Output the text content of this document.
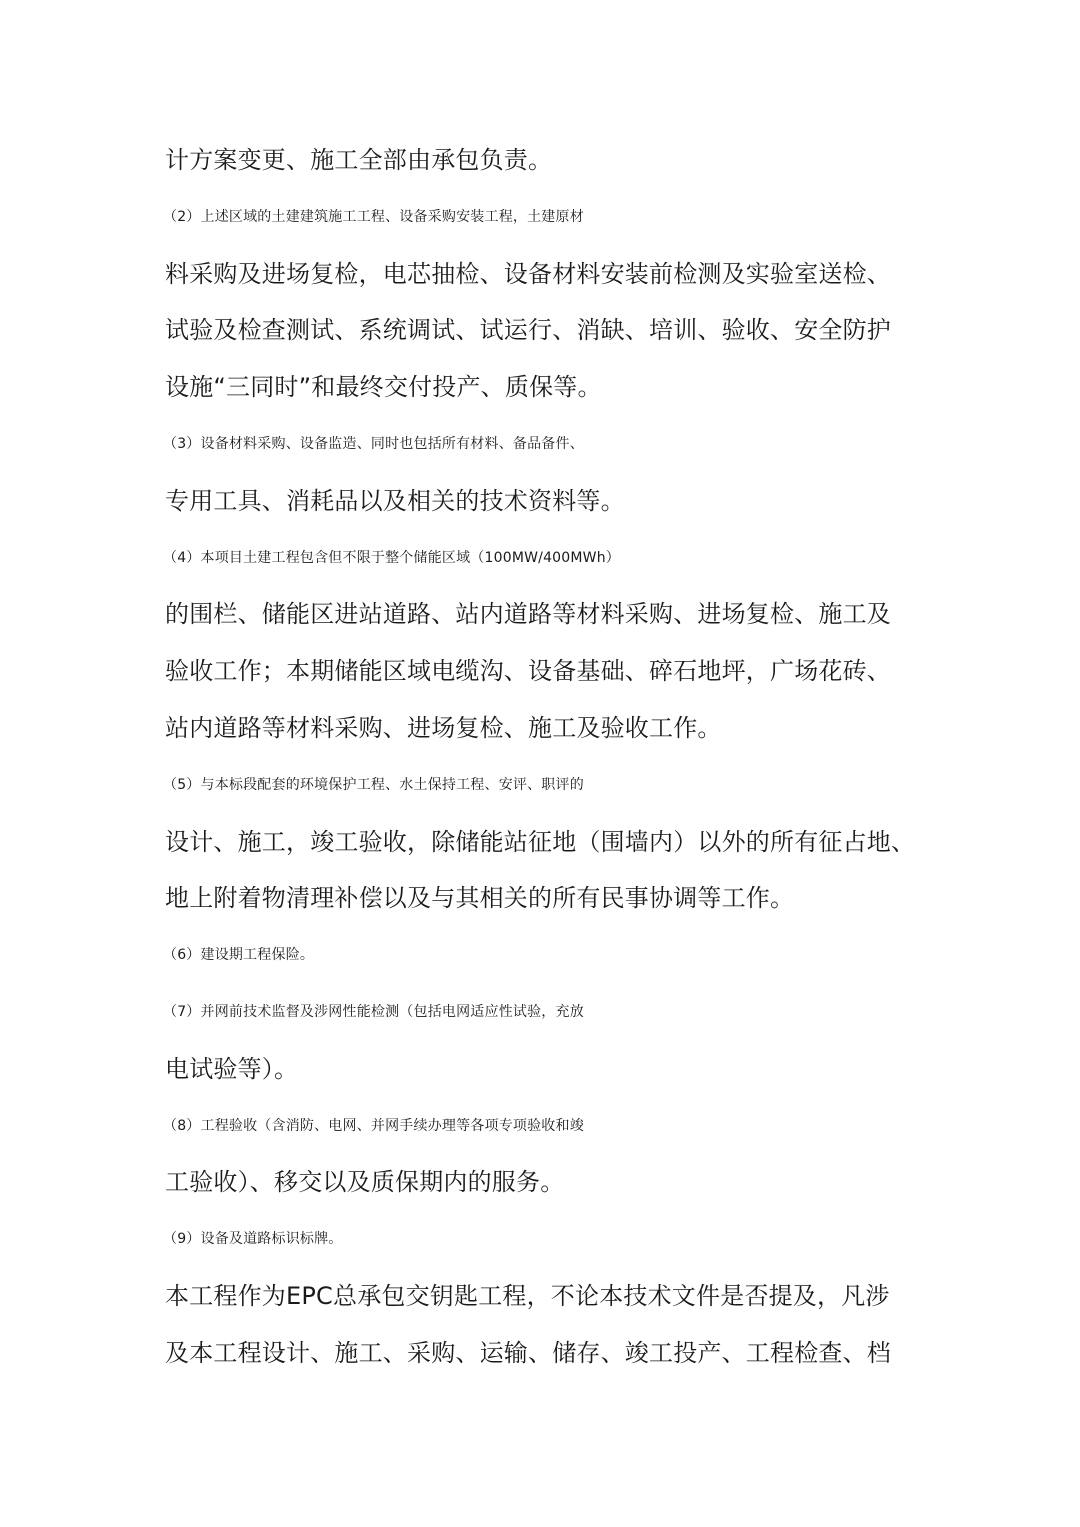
计方案变更、施工全部由承包负责。
（2）上述区域的土建建筑施工工程、设备采购安装工程，土建原材
料采购及进场复检，电芯抽检、设备材料安装前检测及实验室送检、
试验及检查测试、系统调试、试运行、消缺、培训、验收、安全防护
设施“三同时”和最终交付投产、质保等。
（3）设备材料采购、设备监造、同时也包括所有材料、备品备件、
专用工具、消耗品以及相关的技术资料等。
（4）本项目土建工程包含但不限于整个储能区域（100MW/400MWh）
的围栏、储能区进站道路、站内道路等材料采购、进场复检、施工及
验收工作；本期储能区域电缆沟、设备基础、碎石地坪，广场花砖、
站内道路等材料采购、进场复检、施工及验收工作。
（5）与本标段配套的环境保护工程、水土保持工程、安评、职评的
设计、施工，竣工验收，除储能站征地（围墙内）以外的所有征占地、
地上附着物清理补偿以及与其相关的所有民事协调等工作。
（6）建设期工程保险。
（7）并网前技术监督及涉网性能检测（包括电网适应性试验，充放
电试验等）。
（8）工程验收（含消防、电网、并网手续办理等各项专项验收和竣
工验收）、移交以及质保期内的服务。
（9）设备及道路标识标牌。
本工程作为EPC总承包交钥匙工程，不论本技术文件是否提及，凡涉
及本工程设计、施工、采购、运输、储存、竣工投产、工程检查、档
